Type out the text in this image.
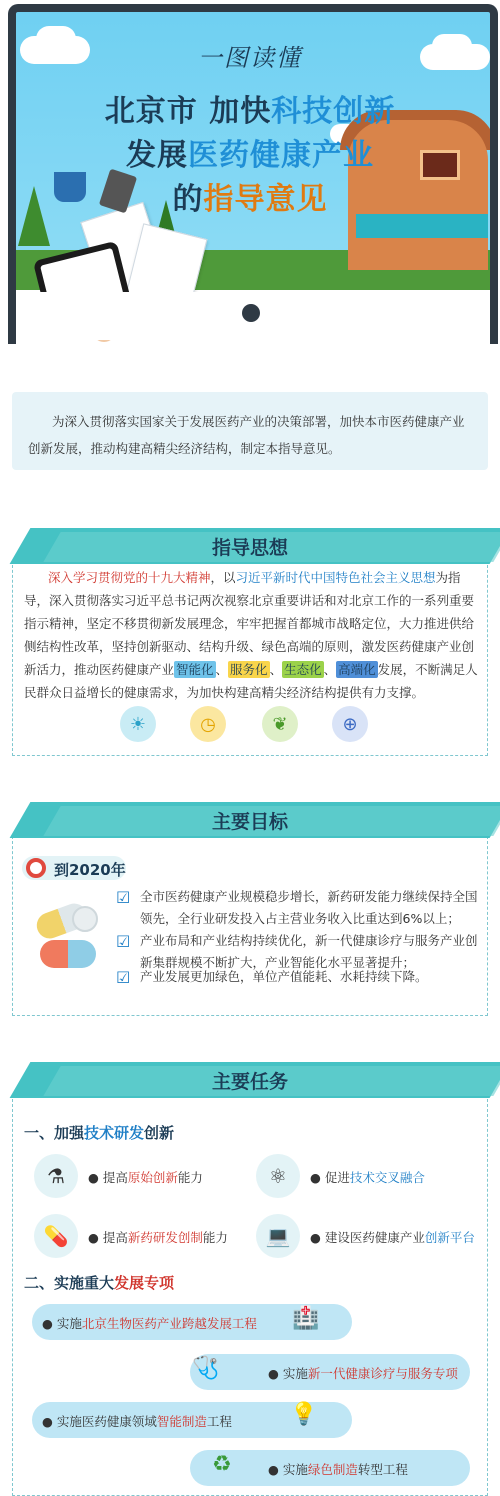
一图读懂
北京市 加快科技创新
发展医药健康产业
的指导意见
为深入贯彻落实国家关于发展医药产业的决策部署，加快本市医药健康产业创新发展，推动构建高精尖经济结构，制定本指导意见。
指导思想
深入学习贯彻党的十九大精神，以习近平新时代中国特色社会主义思想为指导，深入贯彻落实习近平总书记两次视察北京重要讲话和对北京工作的一系列重要指示精神，坚定不移贯彻新发展理念，牢牢把握首都城市战略定位，大力推进供给侧结构性改革，坚持创新驱动、结构升级、绿色高端的原则，激发医药健康产业创新活力，推动医药健康产业 智能化 、 服务化 、 生态化 、 高端化 发展，不断满足人民群众日益增长的健康需求，为加快构建高精尖经济结构提供有力支撑。
☀	◷	❦	⊕
主要目标
到2020年
☑ 全市医药健康产业规模稳步增长，新药研发能力继续保持全国领先，全行业研发投入占主营业务收入比重达到6%以上；
☑ 产业布局和产业结构持续优化，新一代健康诊疗与服务产业创新集群规模不断扩大，产业智能化水平显著提升；
☑ 产业发展更加绿色，单位产值能耗、水耗持续下降。
主要任务
一、加强技术研发创新
⚗	● 提高原始创新能力	⚛	● 促进技术交叉融合
💊	● 提高新药研发创制能力	💻	● 建设医药健康产业创新平台
二、实施重大发展专项
● 实施北京生物医药产业跨越发展工程 🏥
● 实施新一代健康诊疗与服务专项
🩺
● 实施医药健康领域智能制造工程	💡
● 实施绿色制造转型工程
♻
